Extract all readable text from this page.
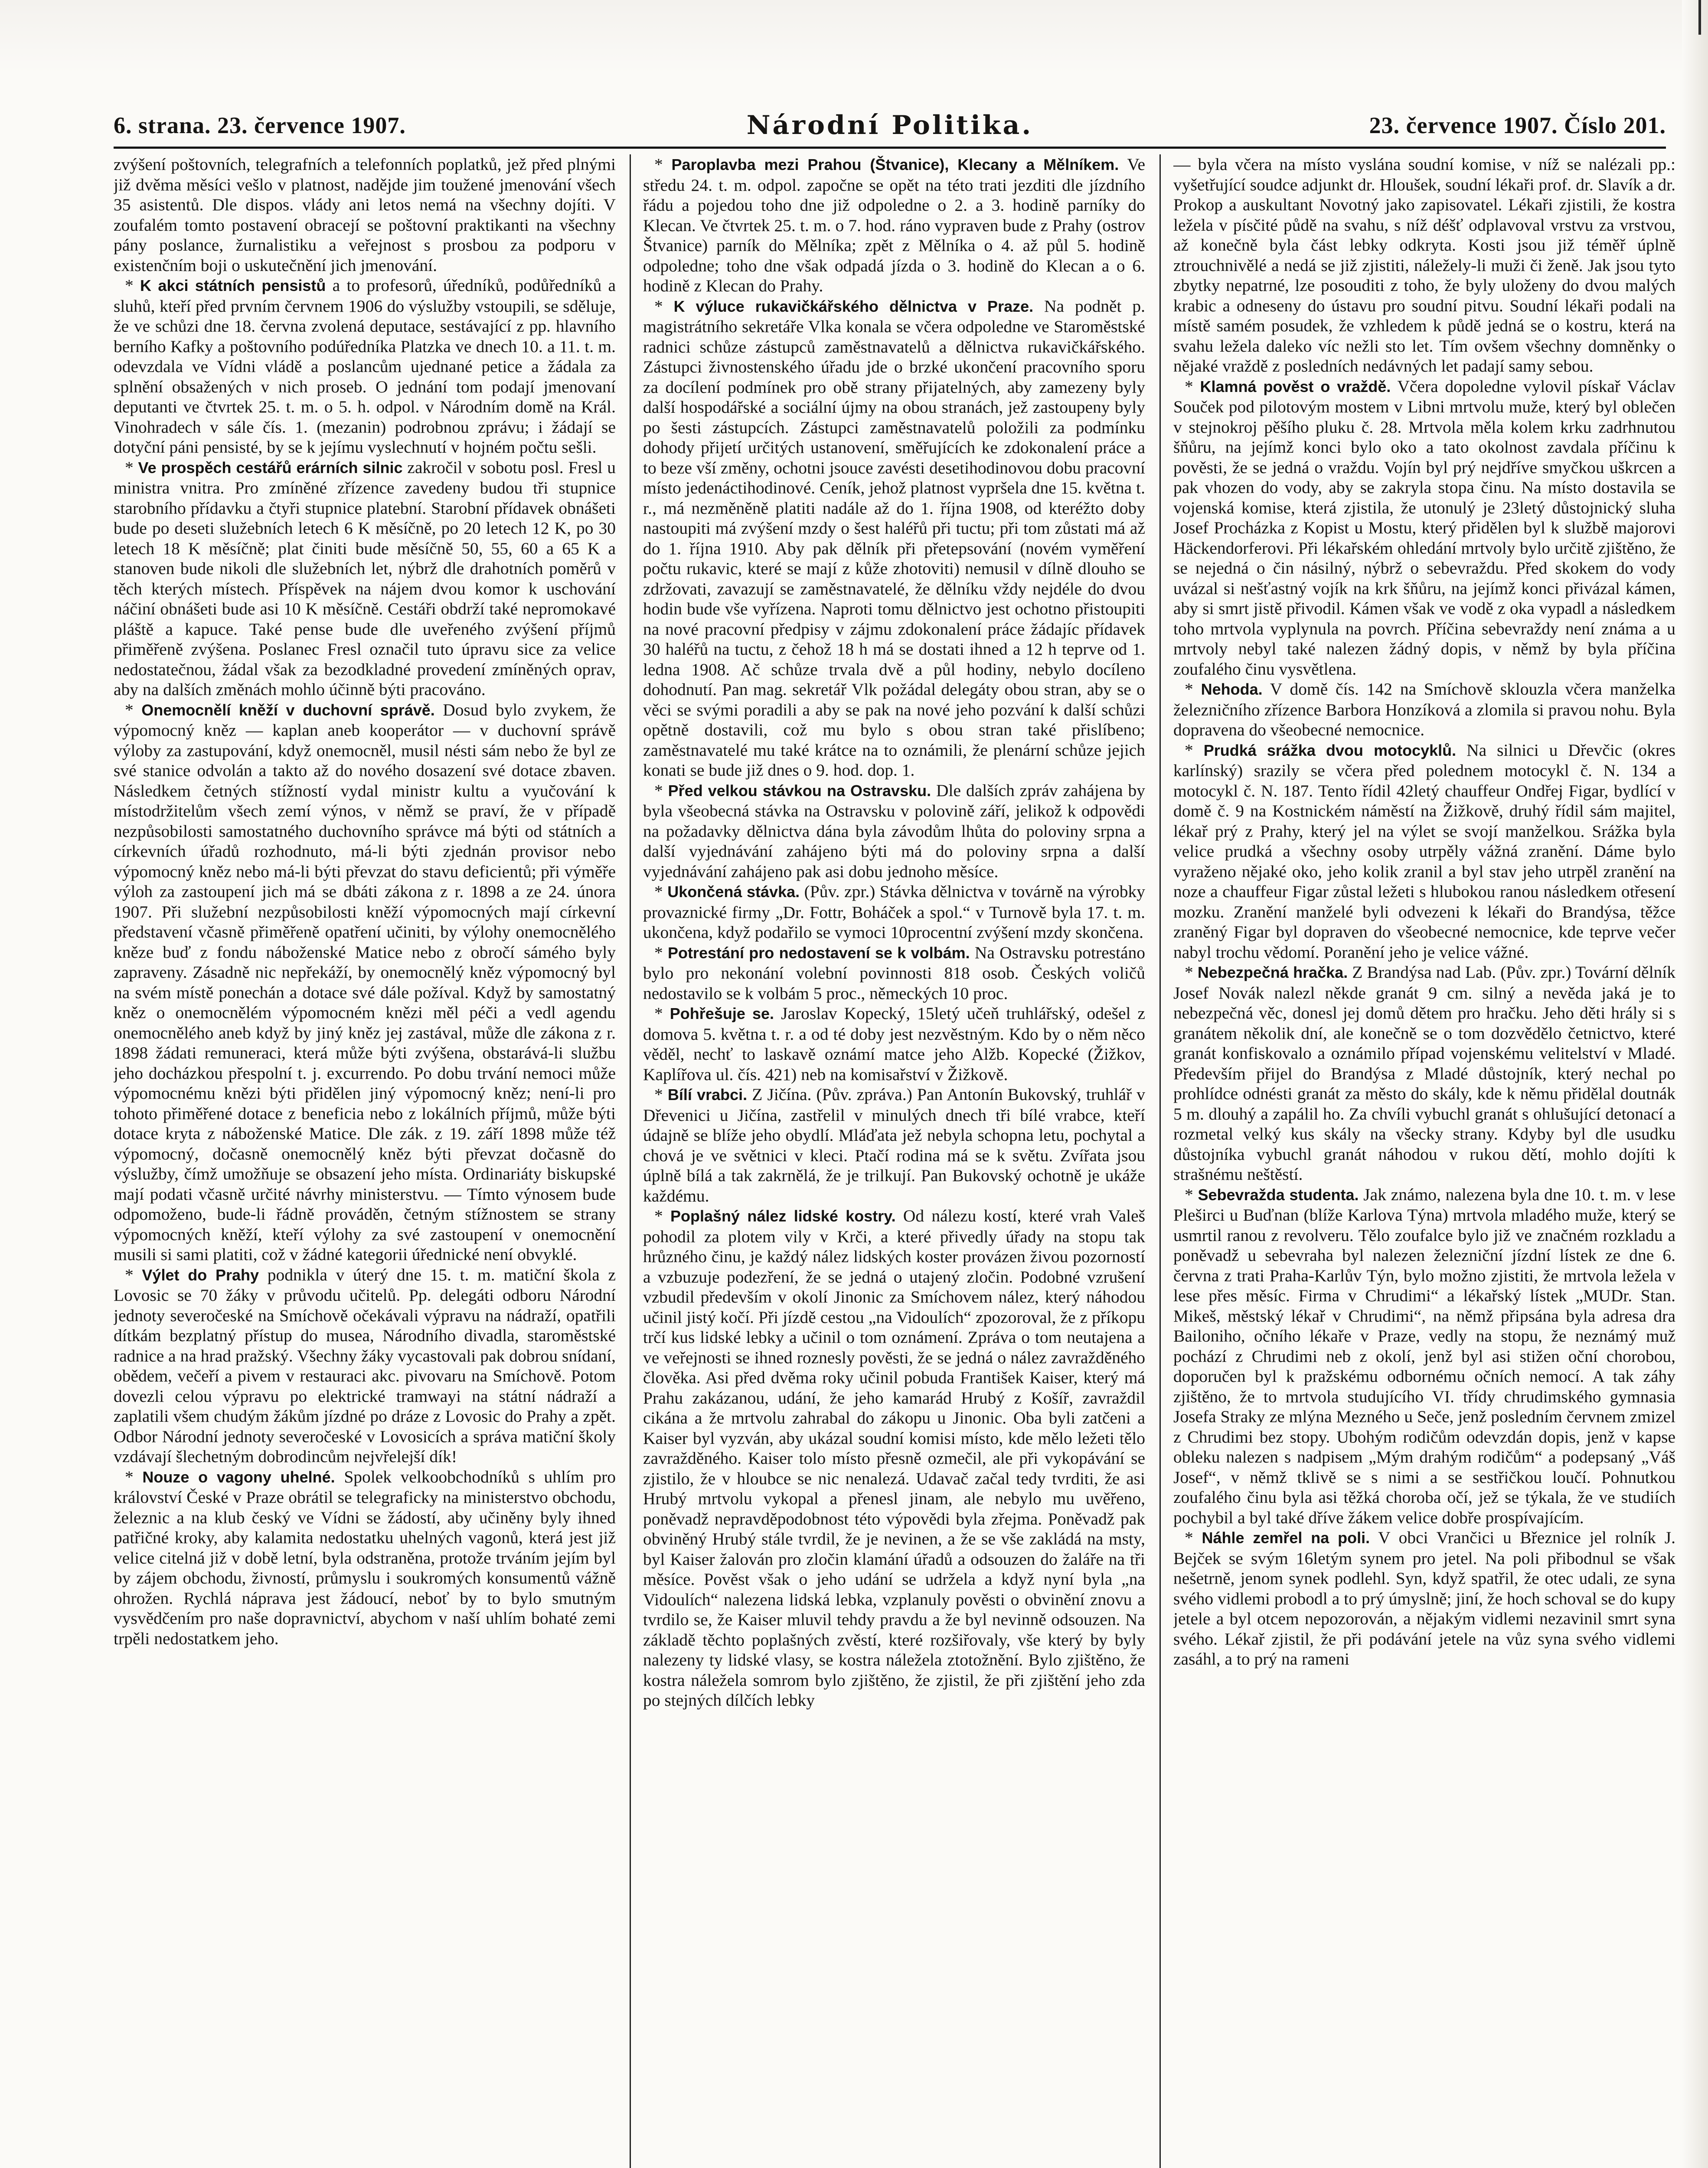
6. strana. 23. července 1907.	Národní Politika.	23. července 1907. Číslo 201.

zvýšení poštovních, telegrafních a telefonních poplatků, jež před plnými již dvěma měsíci vešlo v platnost, nadějde jim toužené jmenování všech 35 asistentů. Dle dispos. vlády ani letos nemá na všechny dojíti. V zoufalém tomto postavení obracejí se poštovní praktikanti na všechny pány poslance, žurnalistiku a veřejnost s prosbou za podporu v existenčním boji o uskutečnění jich jmenování.

* K akci státních pensistů a to profesorů, úředníků, podůředníků a sluhů, kteří před prvním červnem 1906 do výslužby vstoupili, se sděluje, že ve schůzi dne 18. června zvolená deputace, sestávající z pp. hlavního berního Kafky a poštovního podúředníka Platzka ve dnech 10. a 11. t. m. odevzdala ve Vídni vládě a poslancům ujednané petice a žádala za splnění obsažených v nich proseb. O jednání tom podají jmenovaní deputanti ve čtvrtek 25. t. m. o 5. h. odpol. v Národním domě na Král. Vinohradech v sále čís. 1. (mezanin) podrobnou zprávu; i žádají se dotyční páni pensisté, by se k jejímu vyslechnutí v hojném počtu sešli.

* Ve prospěch cestářů erárních silnic zakročil v sobotu posl. Fresl u ministra vnitra. Pro zmíněné zřízence zavedeny budou tři stupnice starobního přídavku a čtyři stupnice platební. Starobní přídavek obnášeti bude po deseti služebních letech 6 K měsíčně, po 20 letech 12 K, po 30 letech 18 K měsíčně; plat činiti bude měsíčně 50, 55, 60 a 65 K a stanoven bude nikoli dle služebních let, nýbrž dle drahotních poměrů v těch kterých místech. Příspěvek na nájem dvou komor k uschování náčiní obnášeti bude asi 10 K měsíčně. Cestáři obdrží také nepromokavé pláště a kapuce. Také pense bude dle uveřeného zvýšení příjmů přiměřeně zvýšena. Poslanec Fresl označil tuto úpravu sice za velice nedostatečnou, žádal však za bezodkladné provedení zmíněných oprav, aby na dalších změnách mohlo účinně býti pracováno.

* Onemocnělí kněží v duchovní správě. Dosud bylo zvykem, že výpomocný kněz — kaplan aneb kooperátor — v duchovní správě výloby za zastupování, když onemocněl, musil nésti sám nebo že byl ze své stanice odvolán a takto až do nového dosazení své dotace zbaven. Následkem četných stížností vydal ministr kultu a vyučování k místodržitelům všech zemí výnos, v němž se praví, že v případě nezpůsobilosti samostatného duchovního správce má býti od státních a církevních úřadů rozhodnuto, má-li býti zjednán provisor nebo výpomocný kněz nebo má-li býti převzat do stavu deficientů; při výměře výloh za zastoupení jich má se dbáti zákona z r. 1898 a ze 24. února 1907. Při služební nezpůsobilosti kněží výpomocných mají církevní představení včasně přiměřeně opatření učiniti, by výlohy onemocnělého kněze buď z fondu náboženské Matice nebo z obročí sámého byly zapraveny. Zásadně nic nepřekáží, by onemocnělý kněz výpomocný byl na svém místě ponechán a dotace své dále požíval. Když by samostatný kněz o onemocnělém výpomocném knězi měl péči a vedl agendu onemocnělého aneb když by jiný kněz jej zastával, může dle zákona z r. 1898 žádati remuneraci, která může býti zvýšena, obstarává-li službu jeho docházkou přespolní t. j. excurrendo. Po dobu trvání nemoci může výpomocnému knězi býti přidělen jiný výpomocný kněz; není-li pro tohoto přiměřené dotace z beneficia nebo z lokálních příjmů, může býti dotace kryta z náboženské Matice. Dle zák. z 19. září 1898 může též výpomocný, dočasně onemocnělý kněz býti převzat dočasně do výslužby, čímž umožňuje se obsazení jeho místa. Ordinariáty biskupské mají podati včasně určité návrhy ministerstvu. — Tímto výnosem bude odpomoženo, bude-li řádně prováděn, četným stížnostem se strany výpomocných kněží, kteří výlohy za své zastoupení v onemocnění musili si sami platiti, což v žádné kategorii úřednické není obvyklé.

* Výlet do Prahy podnikla v úterý dne 15. t. m. matiční škola z Lovosic se 70 žáky v průvodu učitelů. Pp. delegáti odboru Národní jednoty severočeské na Smíchově očekávali výpravu na nádraží, opatřili dítkám bezplatný přístup do musea, Národního divadla, staroměstské radnice a na hrad pražský. Všechny žáky vycastovali pak dobrou snídaní, obědem, večeří a pivem v restauraci akc. pivovaru na Smíchově. Potom dovezli celou výpravu po elektrické tramwayi na státní nádraží a zaplatili všem chudým žákům jízdné po dráze z Lovosic do Prahy a zpět. Odbor Národní jednoty severočeské v Lovosicích a správa matiční školy vzdávají šlechetným dobrodincům nejvřelejší dík!

* Nouze o vagony uhelné. Spolek velkoobchodníků s uhlím pro království České v Praze obrátil se telegraficky na ministerstvo obchodu, železnic a na klub český ve Vídni se žádostí, aby učiněny byly ihned patřičné kroky, aby kalamita nedostatku uhelných vagonů, která jest již velice citelná již v době letní, byla odstraněna, protože trváním jejím byl by zájem obchodu, živností, průmyslu i soukromých konsumentů vážně ohrožen. Rychlá náprava jest žádoucí, neboť by to bylo smutným vysvědčením pro naše dopravnictví, abychom v naší uhlím bohaté zemi trpěli nedostatkem jeho.

* Paroplavba mezi Prahou (Štvanice), Klecany a Mělníkem. Ve středu 24. t. m. odpol. započne se opět na této trati jezditi dle jízdního řádu a pojedou toho dne již odpoledne o 2. a 3. hodině parníky do Klecan. Ve čtvrtek 25. t. m. o 7. hod. ráno vypraven bude z Prahy (ostrov Štvanice) parník do Mělníka; zpět z Mělníka o 4. až půl 5. hodině odpoledne; toho dne však odpadá jízda o 3. hodině do Klecan a o 6. hodině z Klecan do Prahy.

* K výluce rukavičkářského dělnictva v Praze. Na podnět p. magistrátního sekretáře Vlka konala se včera odpoledne ve Staroměstské radnici schůze zástupců zaměstnavatelů a dělnictva rukavičkářského. Zástupci živnostenského úřadu jde o brzké ukončení pracovního sporu za docílení podmínek pro obě strany přijatelných, aby zamezeny byly další hospodářské a sociální újmy na obou stranách, jež zastoupeny byly po šesti zástupcích. Zástupci zaměstnavatelů položili za podmínku dohody přijetí určitých ustanovení, směřujících ke zdokonalení práce a to beze vší změny, ochotni jsouce zavésti desetihodinovou dobu pracovní místo jedenáctihodinové. Ceník, jehož platnost vypršela dne 15. května t. r., má nezměněně platiti nadále až do 1. října 1908, od kteréžto doby nastoupiti má zvýšení mzdy o šest haléřů při tuctu; při tom zůstati má až do 1. října 1910. Aby pak dělník při přetepsování (novém vyměření počtu rukavic, které se mají z kůže zhotoviti) nemusil v dílně dlouho se zdržovati, zavazují se zaměstnavatelé, že dělníku vždy nejdéle do dvou hodin bude vše vyřízena. Naproti tomu dělnictvo jest ochotno přistoupiti na nové pracovní předpisy v zájmu zdokonalení práce žádajíc přídavek 30 haléřů na tuctu, z čehož 18 h má se dostati ihned a 12 h teprve od 1. ledna 1908. Ač schůze trvala dvě a půl hodiny, nebylo docíleno dohodnutí. Pan mag. sekretář Vlk požádal delegáty obou stran, aby se o věci se svými poradili a aby se pak na nové jeho pozvání k další schůzi opětně dostavili, což mu bylo s obou stran také přislíbeno; zaměstnavatelé mu také krátce na to oznámili, že plenární schůze jejich konati se bude již dnes o 9. hod. dop. 1.

* Před velkou stávkou na Ostravsku. Dle dalších zpráv zahájena by byla všeobecná stávka na Ostravsku v polovině září, jelikož k odpovědi na požadavky dělnictva dána byla závodům lhůta do poloviny srpna a další vyjednávání zahájeno býti má do poloviny srpna a další vyjednávání zahájeno pak asi dobu jednoho měsíce.

* Ukončená stávka. (Pův. zpr.) Stávka dělnictva v továrně na výrobky provaznické firmy „Dr. Fottr, Boháček a spol.“ v Turnově byla 17. t. m. ukončena, když podařilo se vymoci 10procentní zvýšení mzdy skončena.

* Potrestání pro nedostavení se k volbám. Na Ostravsku potrestáno bylo pro nekonání volební povinnosti 818 osob. Českých voličů nedostavilo se k volbám 5 proc., německých 10 proc.

* Pohřešuje se. Jaroslav Kopecký, 15letý učeň truhlářský, odešel z domova 5. května t. r. a od té doby jest nezvěstným. Kdo by o něm něco věděl, nechť to laskavě oznámí matce jeho Alžb. Kopecké (Žižkov, Kaplířova ul. čís. 421) neb na komisařství v Žižkově.

* Bílí vrabci. Z Jičína. (Pův. zpráva.) Pan Antonín Bukovský, truhlář v Dřevenici u Jičína, zastřelil v minulých dnech tři bílé vrabce, kteří údajně se blíže jeho obydlí. Mláďata jež nebyla schopna letu, pochytal a chová je ve světnici v kleci. Ptačí rodina má se k světu. Zvířata jsou úplně bílá a tak zakrnělá, že je trilkují. Pan Bukovský ochotně je ukáže každému.

* Poplašný nález lidské kostry. Od nálezu kostí, které vrah Valeš pohodil za plotem vily v Krči, a které přivedly úřady na stopu tak hrůzného činu, je každý nález lidských koster provázen živou pozorností a vzbuzuje podezření, že se jedná o utajený zločin. Podobné vzrušení vzbudil především v okolí Jinonic za Smíchovem nález, který náhodou učinil jistý kočí. Při jízdě cestou „na Vidoulích“ zpozoroval, že z příkopu trčí kus lidské lebky a učinil o tom oznámení. Zpráva o tom neutajena a ve veřejnosti se ihned roznesly pověsti, že se jedná o nález zavražděného člověka. Asi před dvěma roky učinil pobuda František Kaiser, který má Prahu zakázanou, udání, že jeho kamarád Hrubý z Košíř, zavraždil cikána a že mrtvolu zahrabal do zákopu u Jinonic. Oba byli zatčeni a Kaiser byl vyzván, aby ukázal soudní komisi místo, kde mělo ležeti tělo zavražděného. Kaiser tolo místo přesně ozmečil, ale při vykopávání se zjistilo, že v hloubce se nic nenalezá. Udavač začal tedy tvrditi, že asi Hrubý mrtvolu vykopal a přenesl jinam, ale nebylo mu uvěřeno, poněvadž nepravděpodobnost této výpovědi byla zřejma. Poněvadž pak obviněný Hrubý stále tvrdil, že je nevinen, a že se vše zakládá na msty, byl Kaiser žalován pro zločin klamání úřadů a odsouzen do žaláře na tři měsíce. Pověst však o jeho udání se udržela a když nyní byla „na Vidoulích“ nalezena lidská lebka, vzplanuly pověsti o obvinění znovu a tvrdilo se, že Kaiser mluvil tehdy pravdu a že byl nevinně odsouzen. Na základě těchto poplašných zvěstí, které rozšiřovaly, vše který by byly nalezeny ty lidské vlasy, se kostra náležela ztotožnění. Bylo zjištěno, že kostra náležela somrom bylo zjištěno, že zjistil, že při zjištění jeho zda po stejných dílčích lebky

— byla včera na místo vyslána soudní komise, v níž se nalézali pp.: vyšetřující soudce adjunkt dr. Hloušek, soudní lékaři prof. dr. Slavík a dr. Prokop a auskultant Novotný jako zapisovatel. Lékaři zjistili, že kostra ležela v písčité půdě na svahu, s níž déšť odplavoval vrstvu za vrstvou, až konečně byla část lebky odkryta. Kosti jsou již téměř úplně ztrouchnivělé a nedá se již zjistiti, náležely-li muži či ženě. Jak jsou tyto zbytky nepatrné, lze posouditi z toho, že byly uloženy do dvou malých krabic a odneseny do ústavu pro soudní pitvu. Soudní lékaři podali na místě samém posudek, že vzhledem k půdě jedná se o kostru, která na svahu ležela daleko víc nežli sto let. Tím ovšem všechny domněnky o nějaké vraždě z posledních nedávných let padají samy sebou.

* Klamná pověst o vraždě. Včera dopoledne vylovil pískař Václav Souček pod pilotovým mostem v Libni mrtvolu muže, který byl oblečen v stejnokroj pěšího pluku č. 28. Mrtvola měla kolem krku zadrhnutou šňůru, na jejímž konci bylo oko a tato okolnost zavdala příčinu k pověsti, že se jedná o vraždu. Vojín byl prý nejdříve smyčkou uškrcen a pak vhozen do vody, aby se zakryla stopa činu. Na místo dostavila se vojenská komise, která zjistila, že utonulý je 23letý důstojnický sluha Josef Procházka z Kopist u Mostu, který přidělen byl k službě majorovi Häckendorferovi. Při lékařském ohledání mrtvoly bylo určitě zjištěno, že se nejedná o čin násilný, nýbrž o sebevraždu. Před skokem do vody uvázal si nešťastný vojík na krk šňůru, na jejímž konci přivázal kámen, aby si smrt jistě přivodil. Kámen však ve vodě z oka vypadl a následkem toho mrtvola vyplynula na povrch. Příčina sebevraždy není známa a u mrtvoly nebyl také nalezen žádný dopis, v němž by byla příčina zoufalého činu vysvětlena.

* Nehoda. V domě čís. 142 na Smíchově sklouzla včera manželka železničního zřízence Barbora Honzíková a zlomila si pravou nohu. Byla dopravena do všeobecné nemocnice.

* Prudká srážka dvou motocyklů. Na silnici u Dřevčic (okres karlínský) srazily se včera před polednem motocykl č. N. 134 a motocykl č. N. 187. Tento řídil 42letý chauffeur Ondřej Figar, bydlící v domě č. 9 na Kostnickém náměstí na Žižkově, druhý řídil sám majitel, lékař prý z Prahy, který jel na výlet se svojí manželkou. Srážka byla velice prudká a všechny osoby utrpěly vážná zranění. Dáme bylo vyraženo nějaké oko, jeho kolik zranil a byl stav jeho utrpěl zranění na noze a chauffeur Figar zůstal ležeti s hlubokou ranou následkem otřesení mozku. Zranění manželé byli odvezeni k lékaři do Brandýsa, těžce zraněný Figar byl dopraven do všeobecné nemocnice, kde teprve večer nabyl trochu vědomí. Poranění jeho je velice vážné.

* Nebezpečná hračka. Z Brandýsa nad Lab. (Pův. zpr.) Tovární dělník Josef Novák nalezl někde granát 9 cm. silný a nevěda jaká je to nebezpečná věc, donesl jej domů dětem pro hračku. Jeho děti hrály si s granátem několik dní, ale konečně se o tom dozvědělo četnictvo, které granát konfiskovalo a oznámilo případ vojenskému velitelství v Mladé. Především přijel do Brandýsa z Mladé důstojník, který nechal po prohlídce odnésti granát za město do skály, kde k němu přidělal doutnák 5 m. dlouhý a zapálil ho. Za chvíli vybuchl granát s ohlušující detonací a rozmetal velký kus skály na všecky strany. Kdyby byl dle usudku důstojníka vybuchl granát náhodou v rukou dětí, mohlo dojíti k strašnému neštěstí.

* Sebevražda studenta. Jak známo, nalezena byla dne 10. t. m. v lese Pleširci u Buďnan (blíže Karlova Týna) mrtvola mladého muže, který se usmrtil ranou z revolveru. Tělo zoufalce bylo již ve značném rozkladu a poněvadž u sebevraha byl nalezen železniční jízdní lístek ze dne 6. června z trati Praha-Karlův Týn, bylo možno zjistiti, že mrtvola ležela v lese přes měsíc. Firma v Chrudimi“ a lékařský lístek „MUDr. Stan. Mikeš, městský lékař v Chrudimi“, na němž připsána byla adresa dra Bailoniho, očního lékaře v Praze, vedly na stopu, že neznámý muž pochází z Chrudimi neb z okolí, jenž byl asi stižen oční chorobou, doporučen byl k pražskému odbornému očních nemocí. A tak záhy zjištěno, že to mrtvola studujícího VI. třídy chrudimského gymnasia Josefa Straky ze mlýna Mezného u Seče, jenž posledním červnem zmizel z Chrudimi bez stopy. Ubohým rodičům odevzdán dopis, jenž v kapse obleku nalezen s nadpisem „Mým drahým rodičům“ a podepsaný „Váš Josef“, v němž tklivě se s nimi a se sestřičkou loučí. Pohnutkou zoufalého činu byla asi těžká choroba očí, jež se týkala, že ve studiích pochybil a byl také dříve žákem velice dobře prospívajícím.

* Náhle zemřel na poli. V obci Vrančici u Březnice jel rolník J. Bejček se svým 16letým synem pro jetel. Na poli přibodnul se však nešetrně, jenom synek podlehl. Syn, když spatřil, že otec udali, ze syna svého vidlemi probodl a to prý úmyslně; jiní, že hoch schoval se do kupy jetele a byl otcem nepozorován, a nějakým vidlemi nezavinil smrt syna svého. Lékař zjistil, že při podávání jetele na vůz syna svého vidlemi zasáhl, a to prý na rameni
